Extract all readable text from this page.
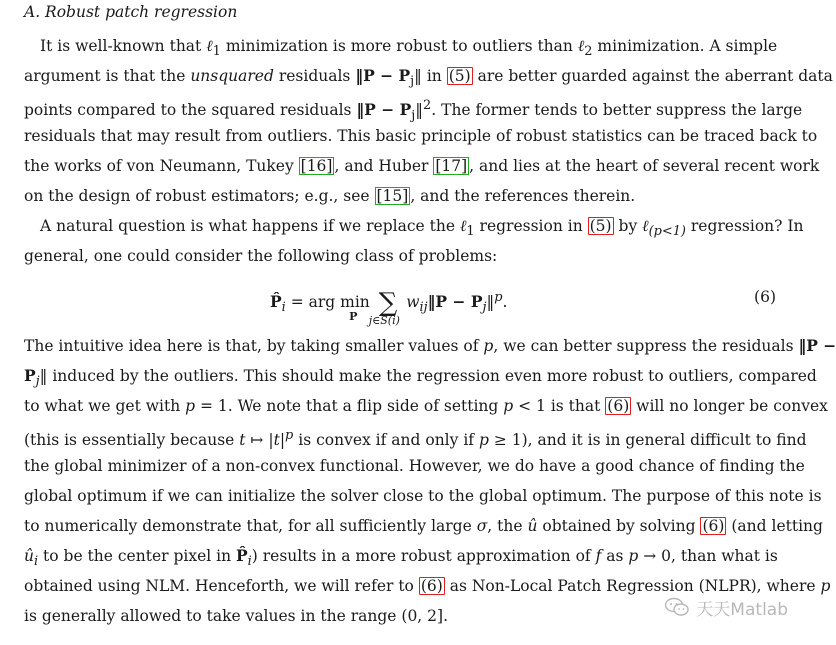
A. Robust patch regression
It is well-known that ℓ$_1$ minimization is more robust to outliers than ℓ$_2$ minimization. A simple
argument is that the unsquared residuals ‖P − $P_j‖$ in (5) are better guarded against the aberrant data
points compared to the squared residuals ‖P − $P_j‖^2$. The former tends to better suppress the large
residuals that may result from outliers. This basic principle of robust statistics can be traced back to
the works of von Neumann, Tukey [16] , and Huber [17] , and lies at the heart of several recent work
on the design of robust estimators; e.g., see [15] , and the references therein.
A natural question is what happens if we replace the ℓ$_1$ regression in (5) by ℓ$_{(p<1)}$ regression? In
general, one could consider the following class of problems:
$P̂_i$ = arg min
P ∑
j∈S(i)
$w_{ij}‖P$ − $P_j‖^p$.	(6)
The intuitive idea here is that, by taking smaller values of p, we can better suppress the residuals ‖P −
$P_j‖$ induced by the outliers. This should make the regression even more robust to outliers, compared
to what we get with p = 1. We note that a flip side of setting p < 1 is that (6) will no longer be convex
(this is essentially because t ↦ $|t|^p$ is convex if and only if p ≥ 1), and it is in general difficult to find
the global minimizer of a non-convex functional. However, we do have a good chance of finding the
global optimum if we can initialize the solver close to the global optimum. The purpose of this note is
to numerically demonstrate that, for all sufficiently large σ, the û obtained by solving (6) (and letting
$û_i$ to be the center pixel in $P̂_i$) results in a more robust approximation of f as p → 0, than what is
obtained using NLM. Henceforth, we will refer to (6) as Non-Local Patch Regression (NLPR), where p
is generally allowed to take values in the range (0, 2].	天天Matlab
